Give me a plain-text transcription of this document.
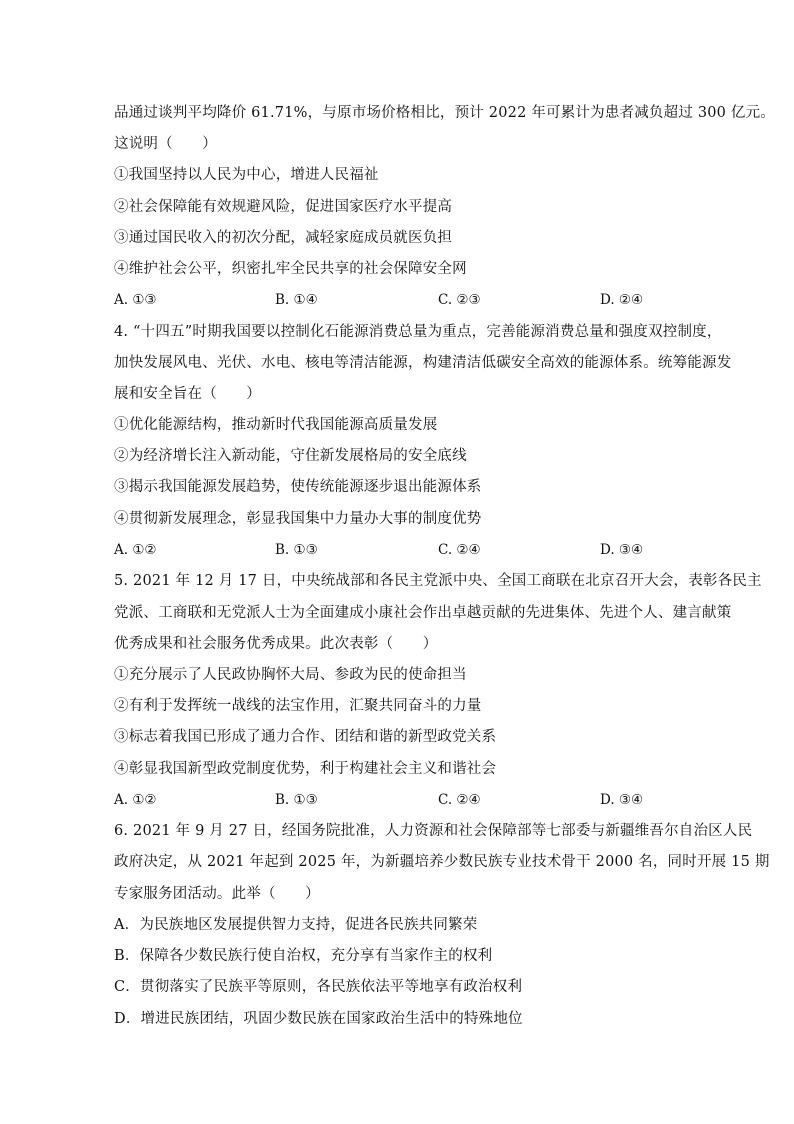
品通过谈判平均降价 61.71%，与原市场价格相比，预计 2022 年可累计为患者减负超过 300 亿元。
这说明（　　）
①我国坚持以人民为中心，增进人民福祉
②社会保障能有效规避风险，促进国家医疗水平提高
③通过国民收入的初次分配，减轻家庭成员就医负担
④维护社会公平，织密扎牢全民共享的社会保障安全网
A. ①③	B. ①④	C. ②③	D. ②④
4. “十四五”时期我国要以控制化石能源消费总量为重点，完善能源消费总量和强度双控制度，
加快发展风电、光伏、水电、核电等清洁能源，构建清洁低碳安全高效的能源体系。统筹能源发
展和安全旨在（　　）
①优化能源结构，推动新时代我国能源高质量发展
②为经济增长注入新动能，守住新发展格局的安全底线
③揭示我国能源发展趋势，使传统能源逐步退出能源体系
④贯彻新发展理念，彰显我国集中力量办大事的制度优势
A. ①②	B. ①③	C. ②④	D. ③④
5. 2021 年 12 月 17 日，中央统战部和各民主党派中央、全国工商联在北京召开大会，表彰各民主
党派、工商联和无党派人士为全面建成小康社会作出卓越贡献的先进集体、先进个人、建言献策
优秀成果和社会服务优秀成果。此次表彰（　　）
①充分展示了人民政协胸怀大局、参政为民的使命担当
②有利于发挥统一战线的法宝作用，汇聚共同奋斗的力量
③标志着我国已形成了通力合作、团结和谐的新型政党关系
④彰显我国新型政党制度优势，利于构建社会主义和谐社会
A. ①②	B. ①③	C. ②④	D. ③④
6. 2021 年 9 月 27 日，经国务院批准，人力资源和社会保障部等七部委与新疆维吾尔自治区人民
政府决定，从 2021 年起到 2025 年，为新疆培养少数民族专业技术骨干 2000 名，同时开展 15 期
专家服务团活动。此举（　　）
A．为民族地区发展提供智力支持，促进各民族共同繁荣
B．保障各少数民族行使自治权，充分享有当家作主的权利
C．贯彻落实了民族平等原则，各民族依法平等地享有政治权利
D．增进民族团结，巩固少数民族在国家政治生活中的特殊地位
